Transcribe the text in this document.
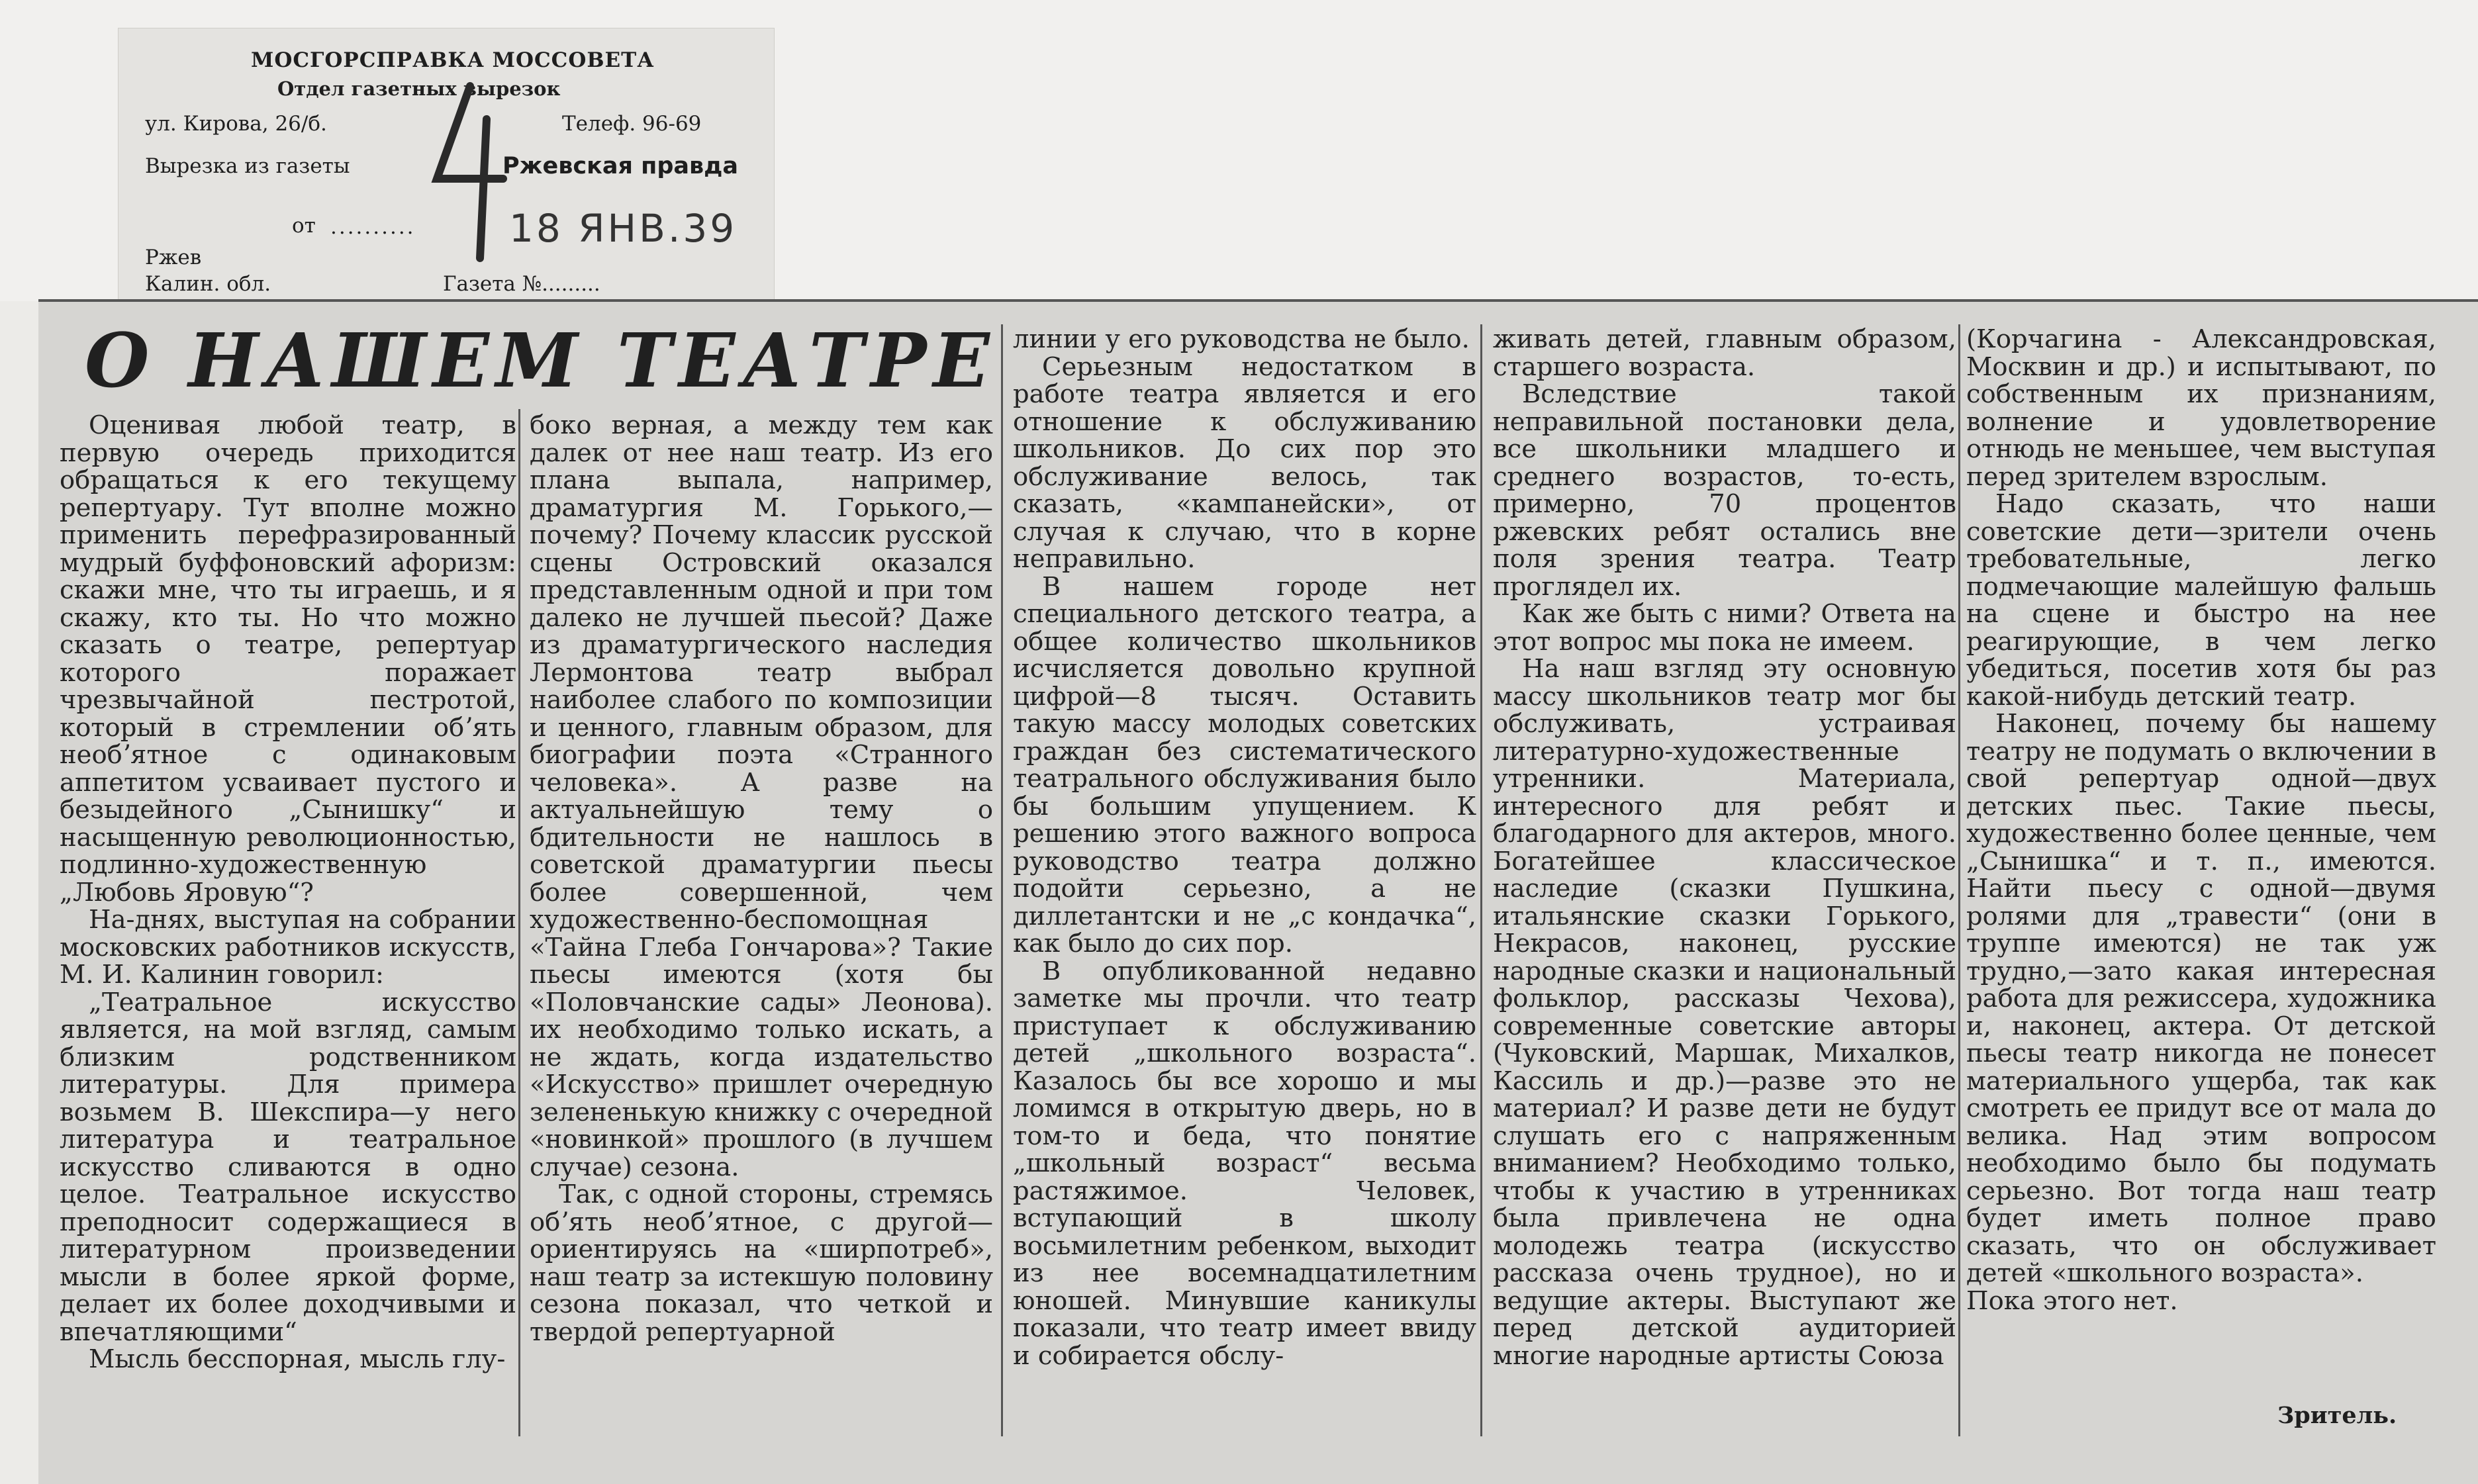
МОСГОРСПРАВКА МОССОВЕТА
Отдел газетных вырезок
ул. Кирова, 26/б.	Телеф. 96-69
Вырезка из газеты	Ржевская правда
от .......... 18 ЯНВ.39
Ржев
Калин. обл.	Газета №.........
О НАШЕМ ТЕАТРЕ

Оценивая любой театр, в первую очередь приходится обращаться к его текущему репертуару. Тут вполне можно применить перефразированный мудрый буффоновский афоризм: скажи мне, что ты играешь, и я скажу, кто ты. Но что можно сказать о театре, репертуар которого поражает чрезвычайной пестротой, который в стремлении обʼять необʼятное с одинаковым аппетитом усваивает пустого и безыдейного „Сынишку“ и насыщенную революционностью, подлинно-художественную „Любовь Яровую“?

На-днях, выступая на собрании московских работников искусств, М. И. Калинин говорил:

„Театральное искусство является, на мой взгляд, самым близким родственником литературы. Для примера возьмем В. Шекспира—у него литература и театральное искусство сливаются в одно целое. Театральное искусство преподносит содержащиеся в литературном произведении мысли в более яркой форме, делает их более доходчивыми и впечатляющими“

Мысль бесспорная, мысль глу-

боко верная, а между тем как далек от нее наш театр. Из его плана выпала, например, драматургия М. Горького,—почему? Почему классик русской сцены Островский оказался представленным одной и при том далеко не лучшей пьесой? Даже из драматургического наследия Лермонтова театр выбрал наиболее слабого по композиции и ценного, главным образом, для биографии поэта «Странного человека». А разве на актуальнейшую тему о бдительности не нашлось в советской драматургии пьесы более совершенной, чем художественно-беспомощная «Тайна Глеба Гончарова»? Такие пьесы имеются (хотя бы «Половчанские сады» Леонова). их необходимо только искать, а не ждать, когда издательство «Искусство» пришлет очередную зелененькую книжку с очередной «новинкой» прошлого (в лучшем случае) сезона.

Так, с одной стороны, стремясь обʼять необʼятное, с другой—ориентируясь на «ширпотреб», наш театр за истекшую половину сезона показал, что четкой и твердой репертуарной

линии у его руководства не было.

Серьезным недостатком в работе театра является и его отношение к обслуживанию школьников. До сих пор это обслуживание велось, так сказать, «кампанейски», от случая к случаю, что в корне неправильно.

В нашем городе нет специального детского театра, а общее количество школьников исчисляется довольно крупной цифрой—8 тысяч. Оставить такую массу молодых советских граждан без систематического театрального обслуживания было бы большим упущением. К решению этого важного вопроса руководство театра должно подойти серьезно, а не диллетантски и не „с кондачка“, как было до сих пор.

В опубликованной недавно заметке мы прочли. что театр приступает к обслуживанию детей „школьного возраста“. Казалось бы все хорошо и мы ломимся в открытую дверь, но в том-то и беда, что понятие „школьный возраст“ весьма растяжимое. Человек, вступающий в школу восьмилетним ребенком, выходит из нее восемнадцатилетним юношей. Минувшие каникулы показали, что театр имеет ввиду и собирается обслу-

живать детей, главным образом, старшего возраста.

Вследствие такой неправильной постановки дела, все школьники младшего и среднего возрастов, то-есть, примерно, 70 процентов ржевских ребят остались вне поля зрения театра. Театр проглядел их.

Как же быть с ними? Ответа на этот вопрос мы пока не имеем.

На наш взгляд эту основную массу школьников театр мог бы обслуживать, устраивая литературно-художественные утренники. Материала, интересного для ребят и благодарного для актеров, много. Богатейшее классическое наследие (сказки Пушкина, итальянские сказки Горького, Некрасов, наконец, русские народные сказки и национальный фольклор, рассказы Чехова), современные советские авторы (Чуковский, Маршак, Михалков, Кассиль и др.)—разве это не материал? И разве дети не будут слушать его с напряженным вниманием? Необходимо только, чтобы к участию в утренниках была привлечена не одна молодежь театра (искусство рассказа очень трудное), но и ведущие актеры. Выступают же перед детской аудиторией многие народные артисты Союза

(Корчагина - Александровская, Москвин и др.) и испытывают, по собственным их признаниям, волнение и удовлетворение отнюдь не меньшее, чем выступая перед зрителем взрослым.

Надо сказать, что наши советские дети—зрители очень требовательные, легко подмечающие малейшую фальшь на сцене и быстро на нее реагирующие, в чем легко убедиться, посетив хотя бы раз какой-нибудь детский театр.

Наконец, почему бы нашему театру не подумать о включении в свой репертуар одной—двух детских пьес. Такие пьесы, художественно более ценные, чем „Сынишка“ и т. п., имеются. Найти пьесу с одной—двумя ролями для „травести“ (они в труппе имеются) не так уж трудно,—зато какая интересная работа для режиссера, художника и, наконец, актера. От детской пьесы театр никогда не понесет материального ущерба, так как смотреть ее придут все от мала до велика. Над этим вопросом необходимо было бы подумать серьезно. Вот тогда наш театр будет иметь полное право сказать, что он обслуживает детей «школьного возраста».

Пока этого нет.

Зритель.
